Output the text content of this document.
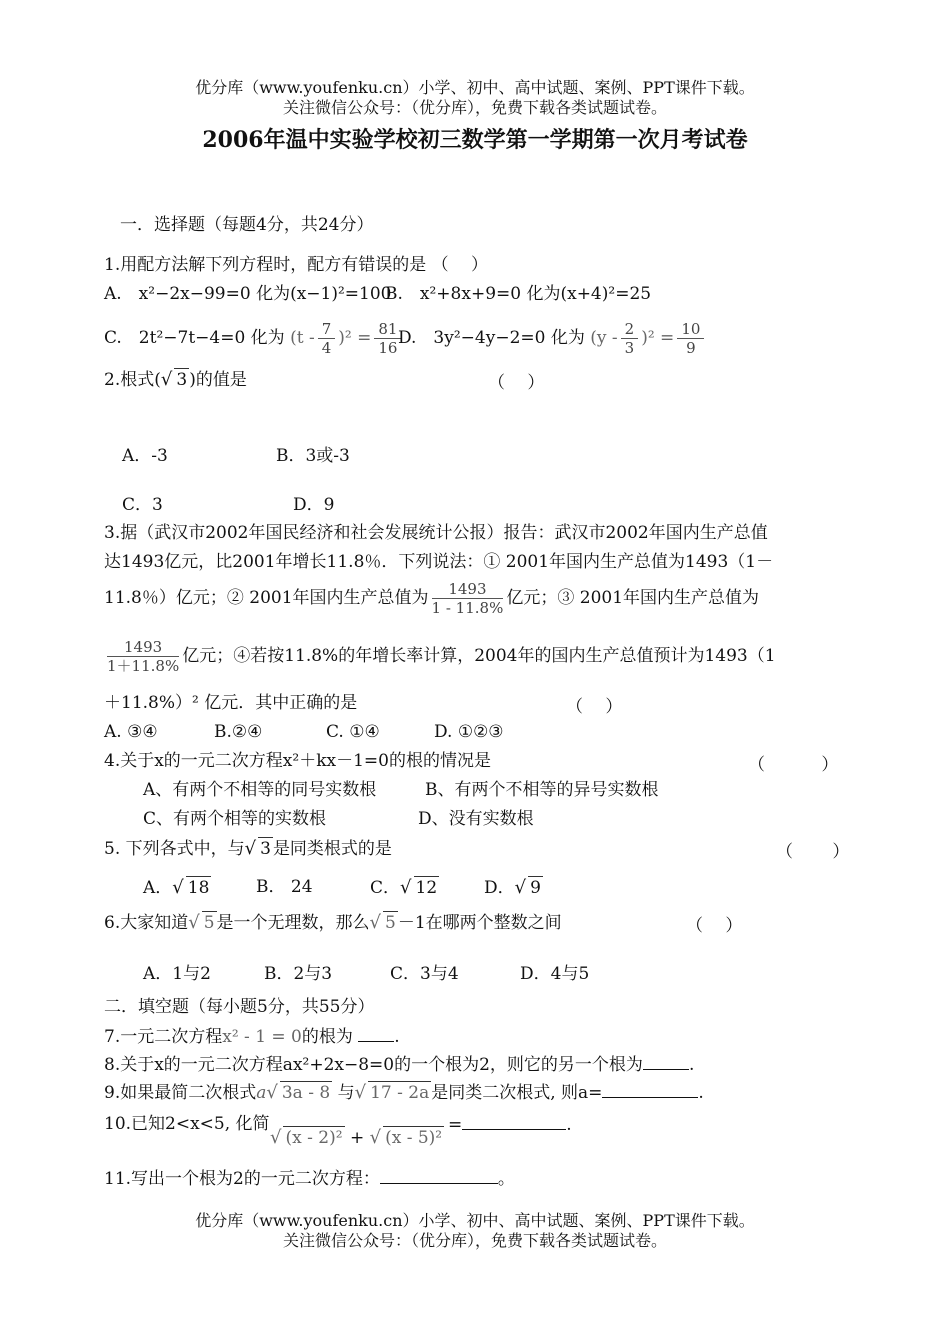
优分库（www.youfenku.cn）小学、初中、高中试题、案例、PPT课件下载。
关注微信公众号：（优分库），免费下载各类试题试卷。
2006年温中实验学校初三数学第一学期第一次月考试卷
一．选择题（每题4分，共24分）
1.用配方法解下列方程时，配方有错误的是 （　 ）
A.　x²−2x−99=0 化为(x−1)²=100
B.　x²+8x+9=0 化为(x+4)²=25
C.　2t²−7t−4=0 化为 $(t - \frac{7}{4} )^2 = \frac{81}{16}$
D.　3y²−4y−2=0 化为 $(y - \frac{2}{3} )^2 = \frac{10}{9}$
2.根式(√ 3 )的值是	（　 ）
A．-3	B．3或-3
C．3	D．9
3.据（武汉市2002年国民经济和社会发展统计公报）报告：武汉市2002年国内生产总值
达1493亿元，比2001年增长11.8％．下列说法：① 2001年国内生产总值为1493（1－
11.8％）亿元；② 2001年国内生产总值为 $\frac{1493}{1 - 11.8\%}$ 亿元；③ 2001年国内生产总值为
$\frac{1493}{1+11.8\%}$ 亿元；④若按11.8%的年增长率计算，2004年的国内生产总值预计为1493（1
＋11.8%）² 亿元．其中正确的是	（　 ）
A. ③④	B.②④	C. ①④	D. ①②③
4.关于x的一元二次方程x²＋kx－1=0的根的情况是	（　　　 ）
A、有两个不相等的同号实数根	B、有两个不相等的异号实数根
C、有两个相等的实数根	D、没有实数根
5. 下列各式中，与√ 3 是同类根式的是	（　　 ）
A．√ 18	B． 24	C．√ 12	D．√ 9
6.大家知道√ 5 是一个无理数，那么√ 5 －1在哪两个整数之间	（　 ）
A．1与2	B．2与3	C．3与4	D．4与5
二．填空题（每小题5分，共55分）
7.一元二次方程x² - 1 = 0的根为 .
8.关于x的一元二次方程ax²+2x−8=0的一个根为2，则它的另一个根为	.
9.如果最简二次根式a√ 3a - 8 与√ 17 - 2a 是同类二次根式, 则a=	.
10.已知2<x<5, 化简
√ (x - 2)² + √ (x - 5)²
=	.
11.写出一个根为2的一元二次方程：	。
优分库（www.youfenku.cn）小学、初中、高中试题、案例、PPT课件下载。
关注微信公众号：（优分库），免费下载各类试题试卷。
